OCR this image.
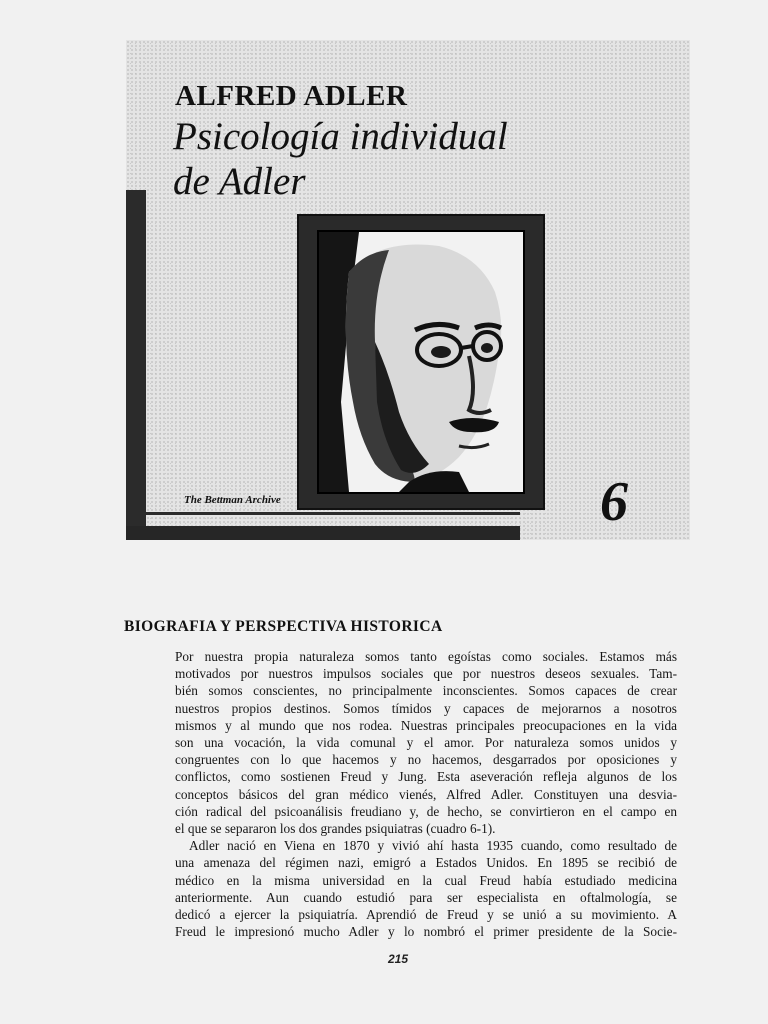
ALFRED ADLER
Psicología individual
de Adler
The Bettman Archive	6
BIOGRAFIA Y PERSPECTIVA HISTORICA
Por nuestra propia naturaleza somos tanto egoístas como sociales. Estamos más
motivados por nuestros impulsos sociales que por nuestros deseos sexuales. Tam-
bién somos conscientes, no principalmente inconscientes. Somos capaces de crear
nuestros propios destinos. Somos tímidos y capaces de mejorarnos a nosotros
mismos y al mundo que nos rodea. Nuestras principales preocupaciones en la vida
son una vocación, la vida comunal y el amor. Por naturaleza somos unidos y
congruentes con lo que hacemos y no hacemos, desgarrados por oposiciones y
conflictos, como sostienen Freud y Jung. Esta aseveración refleja algunos de los
conceptos básicos del gran médico vienés, Alfred Adler. Constituyen una desvia-
ción radical del psicoanálisis freudiano y, de hecho, se convirtieron en el campo en
el que se separaron los dos grandes psiquiatras (cuadro 6-1).
Adler nació en Viena en 1870 y vivió ahí hasta 1935 cuando, como resultado de
una amenaza del régimen nazi, emigró a Estados Unidos. En 1895 se recibió de
médico en la misma universidad en la cual Freud había estudiado medicina
anteriormente. Aun cuando estudió para ser especialista en oftalmología, se
dedicó a ejercer la psiquiatría. Aprendió de Freud y se unió a su movimiento. A
Freud le impresionó mucho Adler y lo nombró el primer presidente de la Socie-
215
